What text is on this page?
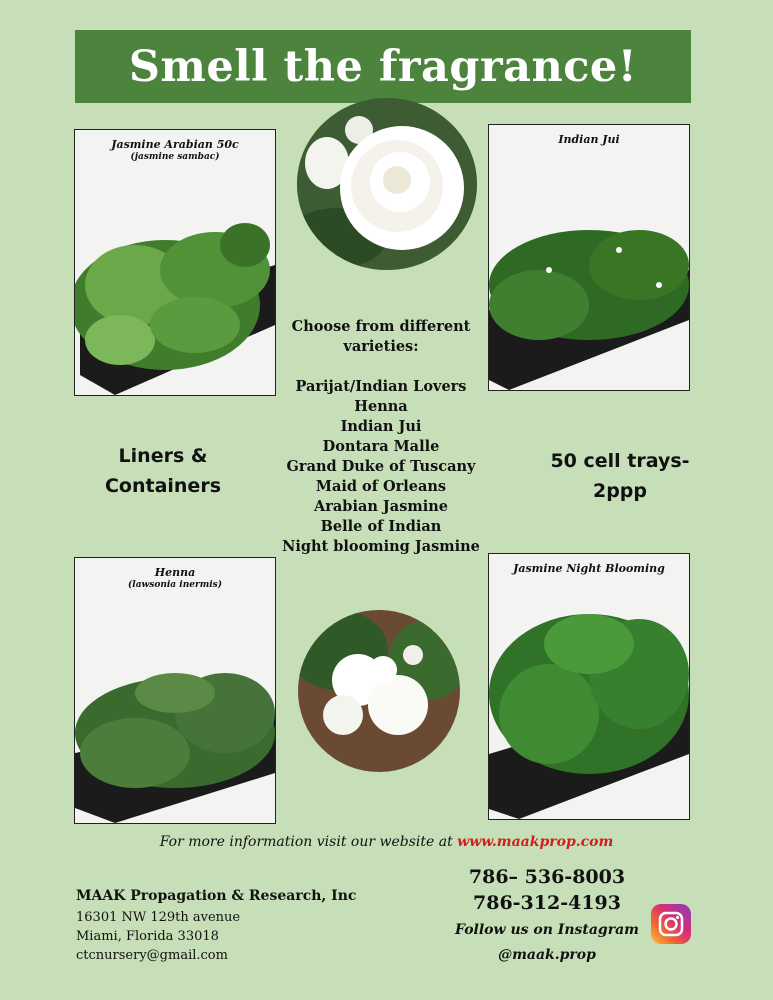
Smell the fragrance!
Jasmine Arabian 50c
(jasmine sambac)
Indian Jui
Choose from different varieties:
Parijat/Indian Lovers
Henna
Indian Jui
Dontara Malle
Grand Duke of Tuscany
Maid of Orleans
Arabian Jasmine
Belle of Indian
Night blooming Jasmine
Liners &
Containers
50 cell trays-
2ppp
Henna
(lawsonia inermis)
Jasmine Night Blooming
For more information visit our website at www.maakprop.com
MAAK Propagation & Research, Inc
16301 NW 129th avenue
Miami, Florida 33018
ctcnursery@gmail.com
786– 536-8003
786-312-4193
Follow us on Instagram
@maak.prop
